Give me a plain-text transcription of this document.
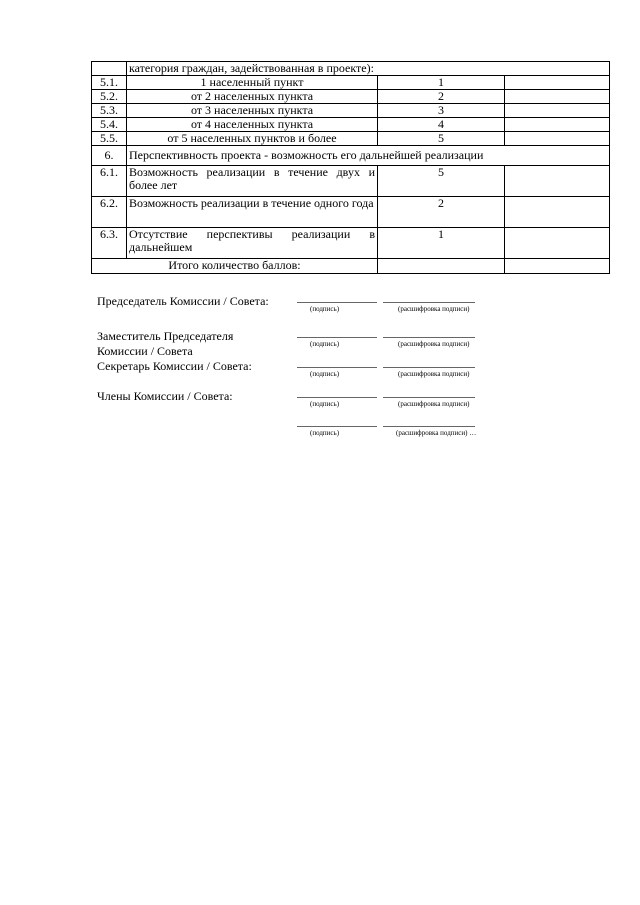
	категория граждан, задействованная в проекте):		
5.1.	1 населенный пункт	1	
5.2.	от 2 населенных пункта	2	
5.3.	от 3 населенных пункта	3	
5.4.	от 4 населенных пункта	4	
5.5.	от 5 населенных пунктов и более	5	
6.	Перспективность проекта - возможность его дальнейшей реализации		
6.1.	Возможность реализации в течение двух и более лет	5	
6.2.	Возможность реализации в течение одного года	2	
6.3.	Отсутствие перспективы реализации в дальнейшем	1	
Итого количество баллов:			
Председатель Комиссии / Совета:
(подпись)	(расшифровка подписи)
Заместитель Председателя
Комиссии / Совета	(подпись)	(расшифровка подписи)
Секретарь Комиссии / Совета:
(подпись)	(расшифровка подписи)
Члены Комиссии / Совета:
(подпись)	(расшифровка подписи)
(подпись)	(расшифровка подписи) …
